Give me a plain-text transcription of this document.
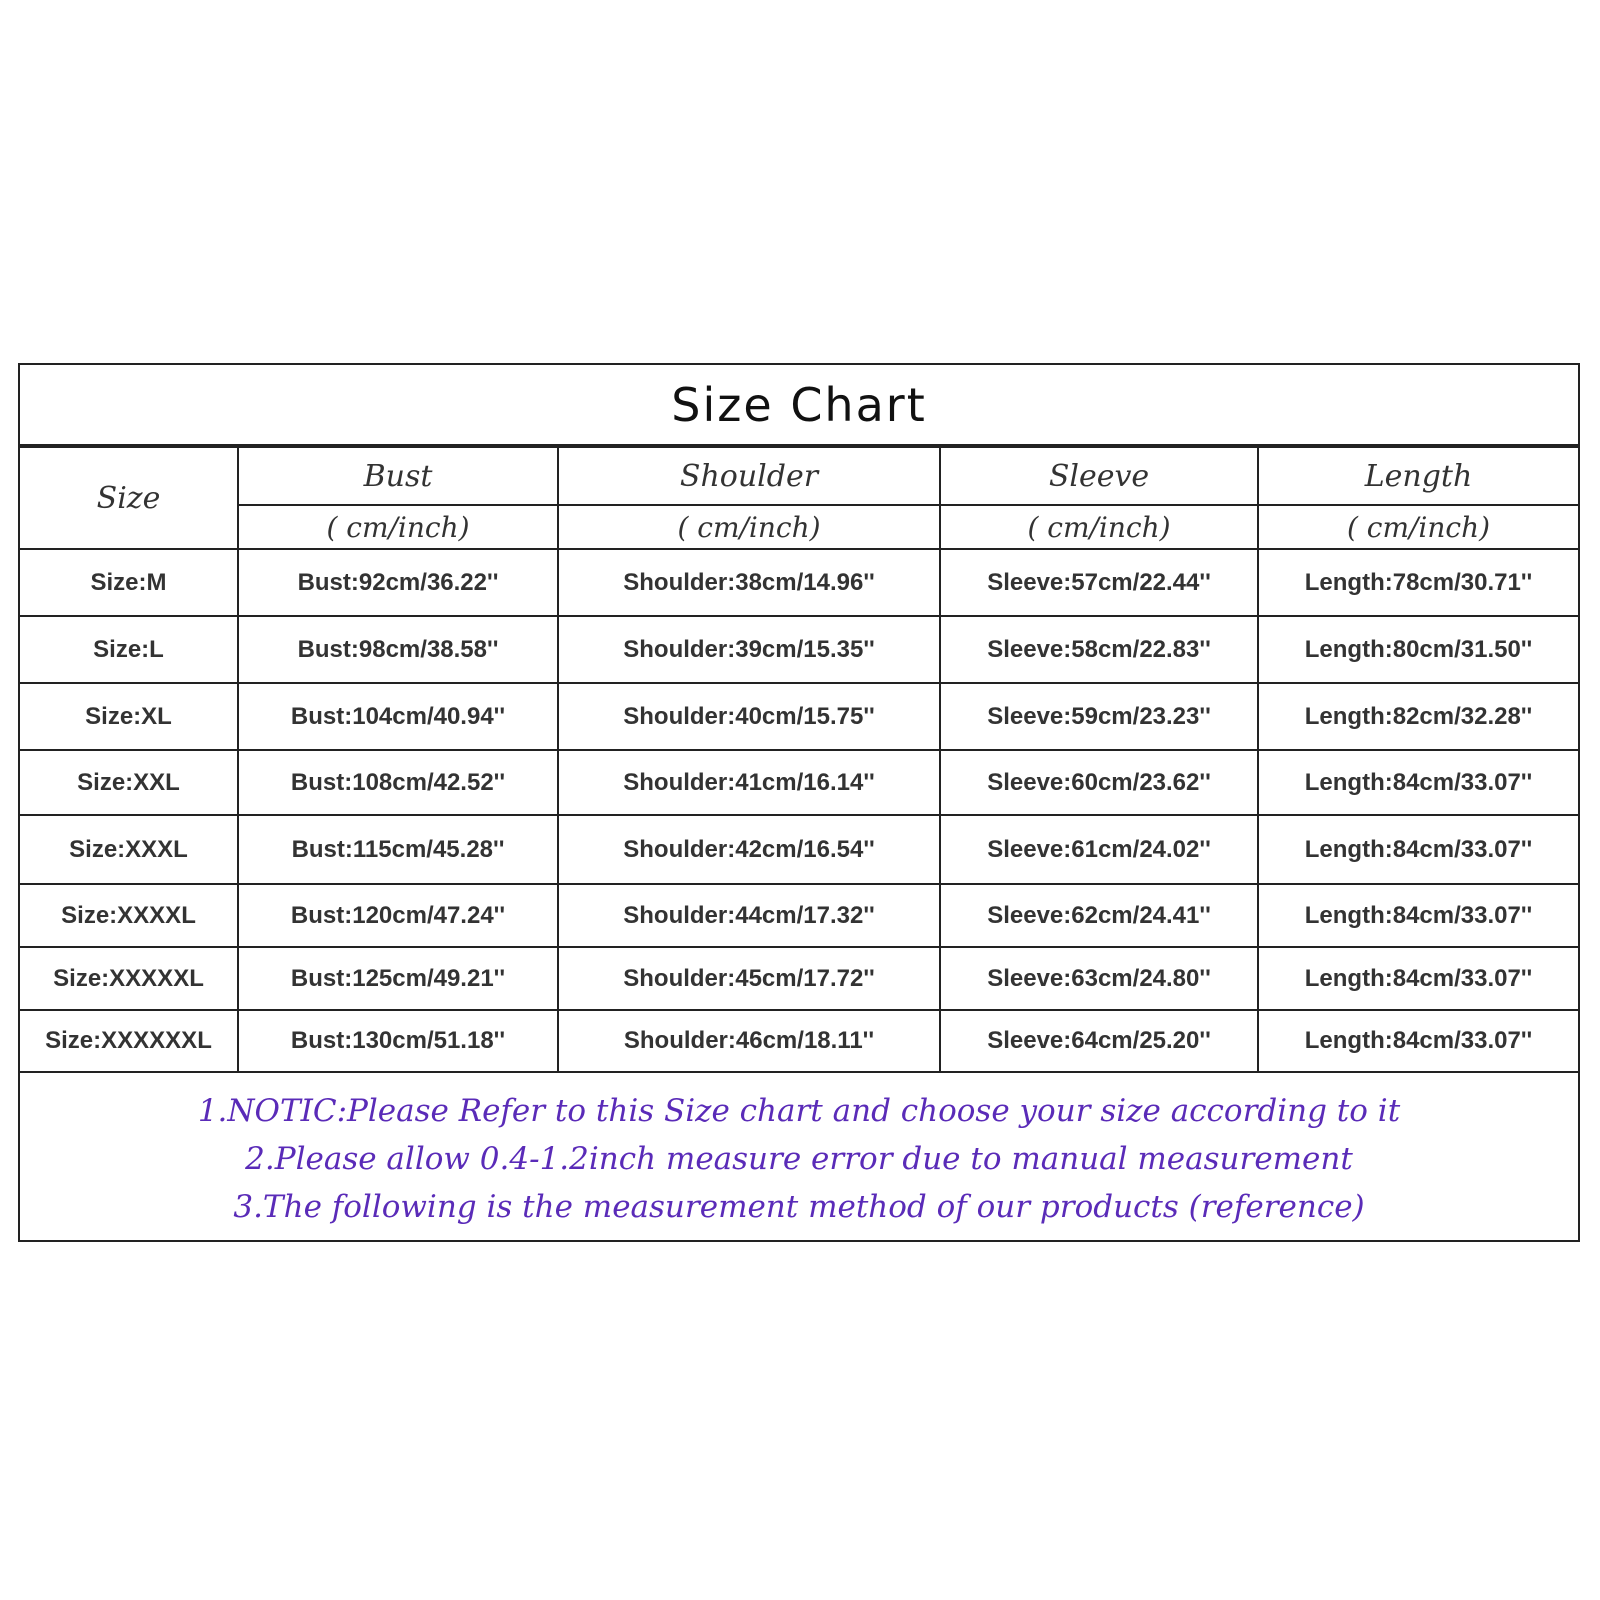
Size Chart
Size	Bust	Shoulder	Sleeve	Length
	( cm/inch)	( cm/inch)	( cm/inch)	( cm/inch)
Size:M	Bust:92cm/36.22''	Shoulder:38cm/14.96''	Sleeve:57cm/22.44''	Length:78cm/30.71''
Size:L	Bust:98cm/38.58''	Shoulder:39cm/15.35''	Sleeve:58cm/22.83''	Length:80cm/31.50''
Size:XL	Bust:104cm/40.94''	Shoulder:40cm/15.75''	Sleeve:59cm/23.23''	Length:82cm/32.28''
Size:XXL	Bust:108cm/42.52''	Shoulder:41cm/16.14''	Sleeve:60cm/23.62''	Length:84cm/33.07''
Size:XXXL	Bust:115cm/45.28''	Shoulder:42cm/16.54''	Sleeve:61cm/24.02''	Length:84cm/33.07''
Size:XXXXL	Bust:120cm/47.24''	Shoulder:44cm/17.32''	Sleeve:62cm/24.41''	Length:84cm/33.07''
Size:XXXXXL	Bust:125cm/49.21''	Shoulder:45cm/17.72''	Sleeve:63cm/24.80''	Length:84cm/33.07''
Size:XXXXXXL	Bust:130cm/51.18''	Shoulder:46cm/18.11''	Sleeve:64cm/25.20''	Length:84cm/33.07''
1.NOTIC:Please Refer to this Size chart and choose your size according to it
2.Please allow 0.4-1.2inch measure error due to manual measurement
3.The following is the measurement method of our products (reference)
